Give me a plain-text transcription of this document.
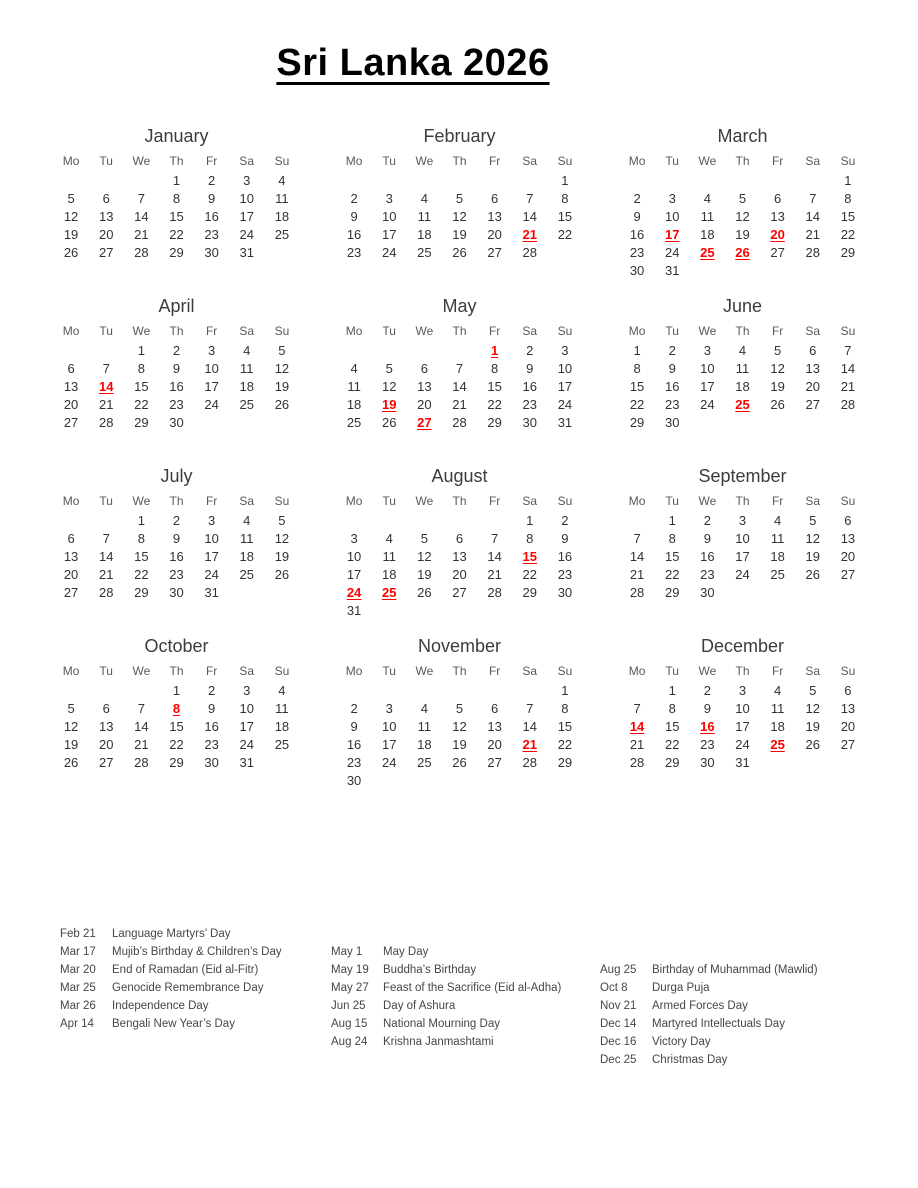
Sri Lanka 2026
January
Mo	Tu	We	Th	Fr	Sa	Su
			1	2	3	4
5	6	7	8	9	10	11
12	13	14	15	16	17	18
19	20	21	22	23	24	25
26	27	28	29	30	31	
February
Mo	Tu	We	Th	Fr	Sa	Su
						1
2	3	4	5	6	7	8
9	10	11	12	13	14	15
16	17	18	19	20	21	22
23	24	25	26	27	28	
March
Mo	Tu	We	Th	Fr	Sa	Su
						1
2	3	4	5	6	7	8
9	10	11	12	13	14	15
16	17	18	19	20	21	22
23	24	25	26	27	28	29
30	31					
April
Mo	Tu	We	Th	Fr	Sa	Su
		1	2	3	4	5
6	7	8	9	10	11	12
13	14	15	16	17	18	19
20	21	22	23	24	25	26
27	28	29	30			
May
Mo	Tu	We	Th	Fr	Sa	Su
				1	2	3
4	5	6	7	8	9	10
11	12	13	14	15	16	17
18	19	20	21	22	23	24
25	26	27	28	29	30	31
June
Mo	Tu	We	Th	Fr	Sa	Su
1	2	3	4	5	6	7
8	9	10	11	12	13	14
15	16	17	18	19	20	21
22	23	24	25	26	27	28
29	30					
July
Mo	Tu	We	Th	Fr	Sa	Su
		1	2	3	4	5
6	7	8	9	10	11	12
13	14	15	16	17	18	19
20	21	22	23	24	25	26
27	28	29	30	31		
August
Mo	Tu	We	Th	Fr	Sa	Su
					1	2
3	4	5	6	7	8	9
10	11	12	13	14	15	16
17	18	19	20	21	22	23
24	25	26	27	28	29	30
31						
September
Mo	Tu	We	Th	Fr	Sa	Su
	1	2	3	4	5	6
7	8	9	10	11	12	13
14	15	16	17	18	19	20
21	22	23	24	25	26	27
28	29	30				
October
Mo	Tu	We	Th	Fr	Sa	Su
			1	2	3	4
5	6	7	8	9	10	11
12	13	14	15	16	17	18
19	20	21	22	23	24	25
26	27	28	29	30	31	
November
Mo	Tu	We	Th	Fr	Sa	Su
						1
2	3	4	5	6	7	8
9	10	11	12	13	14	15
16	17	18	19	20	21	22
23	24	25	26	27	28	29
30						
December
Mo	Tu	We	Th	Fr	Sa	Su
	1	2	3	4	5	6
7	8	9	10	11	12	13
14	15	16	17	18	19	20
21	22	23	24	25	26	27
28	29	30	31			
Feb 21	Language Martyrs’ Day
Mar 17	Mujib’s Birthday & Children’s Day
Mar 20	End of Ramadan (Eid al-Fitr)
Mar 25	Genocide Remembrance Day
Mar 26	Independence Day
Apr 14	Bengali New Year’s Day
May 1	May Day
May 19	Buddha’s Birthday
May 27	Feast of the Sacrifice (Eid al-Adha)
Jun 25	Day of Ashura
Aug 15	National Mourning Day
Aug 24	Krishna Janmashtami
Aug 25	Birthday of Muhammad (Mawlid)
Oct 8	Durga Puja
Nov 21	Armed Forces Day
Dec 14	Martyred Intellectuals Day
Dec 16	Victory Day
Dec 25	Christmas Day
